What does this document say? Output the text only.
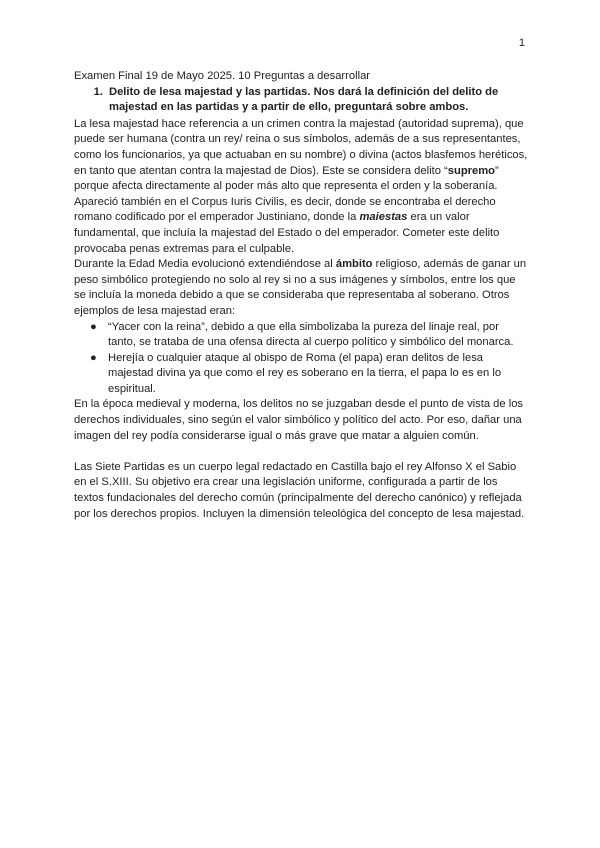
1

Examen Final 19 de Mayo 2025. 10 Preguntas a desarrollar

1. Delito de lesa majestad y las partidas. Nos dará la definición del delito de majestad en las partidas y a partir de ello, preguntará sobre ambos.

La lesa majestad hace referencia a un crimen contra la majestad (autoridad suprema), que puede ser humana (contra un rey/ reina o sus símbolos, además de a sus representantes, como los funcionarios, ya que actuaban en su nombre) o divina (actos blasfemos heréticos, en tanto que atentan contra la majestad de Dios). Este se considera delito “supremo” porque afecta directamente al poder más alto que representa el orden y la soberanía.

Apareció también en el Corpus Iuris Civilis, es decir, donde se encontraba el derecho romano codificado por el emperador Justiniano, donde la maiestas era un valor fundamental, que incluía la majestad del Estado o del emperador. Cometer este delito provocaba penas extremas para el culpable.

Durante la Edad Media evolucionó extendiéndose al ámbito religioso, además de ganar un peso simbólico protegiendo no solo al rey si no a sus imágenes y símbolos, entre los que se incluía la moneda debido a que se consideraba que representaba al soberano. Otros ejemplos de lesa majestad eran:

● “Yacer con la reina”, debido a que ella simbolizaba la pureza del linaje real, por tanto, se trataba de una ofensa directa al cuerpo político y simbólico del monarca.
● Herejía o cualquier ataque al obispo de Roma (el papa) eran delitos de lesa majestad divina ya que como el rey es soberano en la tierra, el papa lo es en lo espiritual.

En la época medieval y moderna, los delitos no se juzgaban desde el punto de vista de los derechos individuales, sino según el valor simbólico y político del acto. Por eso, dañar una imagen del rey podía considerarse igual o más grave que matar a alguien común.

Las Siete Partidas es un cuerpo legal redactado en Castilla bajo el rey Alfonso X el Sabio en el S.XIII. Su objetivo era crear una legislación uniforme, configurada a partir de los textos fundacionales del derecho común (principalmente del derecho canónico) y reflejada por los derechos propios. Incluyen la dimensión teleológica del concepto de lesa majestad.
